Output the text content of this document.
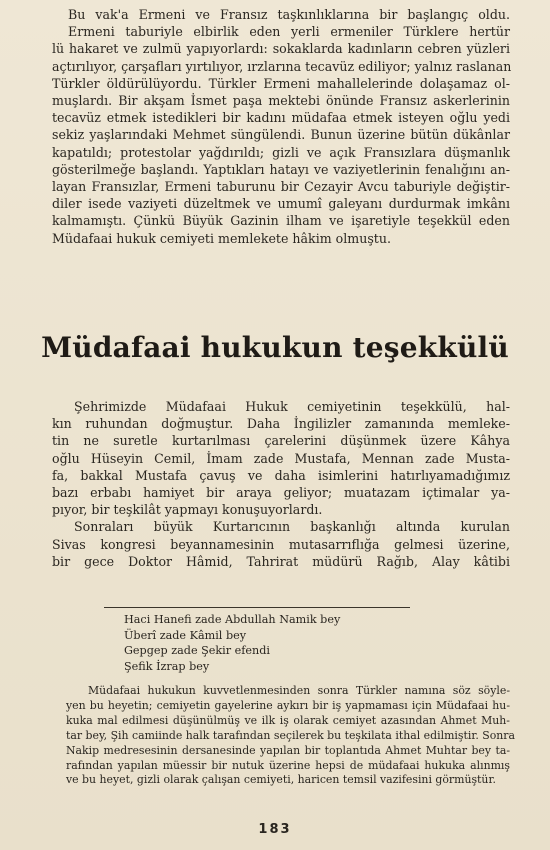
Bu vak'a Ermeni ve Fransız taşkınlıklarına bir başlangıç oldu.
Ermeni taburiyle elbirlik eden yerli ermeniler Türklere hertür
lü hakaret ve zulmü yapıyorlardı: sokaklarda kadınların cebren yüzleri
açtırılıyor, çarşafları yırtılıyor, ırzlarına tecavüz ediliyor; yalnız raslanan
Türkler öldürülüyordu. Türkler Ermeni mahallelerinde dolaşamaz ol-
muşlardı. Bir akşam İsmet paşa mektebi önünde Fransız askerlerinin
tecavüz etmek istedikleri bir kadını müdafaa etmek isteyen oğlu yedi
sekiz yaşlarındaki Mehmet süngülendi. Bunun üzerine bütün dükânlar
kapatıldı; protestolar yağdırıldı; gizli ve açık Fransızlara düşmanlık
gösterilmeğe başlandı. Yaptıkları hatayı ve vaziyetlerinin fenalığını an-
layan Fransızlar, Ermeni taburunu bir Cezayir Avcu taburiyle değiştir-
diler isede vaziyeti düzeltmek ve umumî galeyanı durdurmak imkânı
kalmamıştı. Çünkü Büyük Gazinin ilham ve işaretiyle teşekkül eden
Müdafaai hukuk cemiyeti memlekete hâkim olmuştu.
Müdafaai hukukun teşekkülü
Şehrimizde Müdafaai Hukuk cemiyetinin teşekkülü, hal-
kın ruhundan doğmuştur. Daha İngilizler zamanında memleke-
tin ne suretle kurtarılması çarelerini düşünmek üzere Kâhya
oğlu Hüseyin Cemil, İmam zade Mustafa, Mennan zade Musta-
fa, bakkal Mustafa çavuş ve daha isimlerini hatırlıyamadığımız
bazı erbabı hamiyet bir araya geliyor; muatazam içtimalar ya-
pıyor, bir teşkilât yapmayı konuşuyorlardı.
Sonraları büyük Kurtarıcının başkanlığı altında kurulan
Sivas kongresi beyannamesinin mutasarrıflığa gelmesi üzerine,
bir gece Doktor Hâmid, Tahrirat müdürü Rağıb, Alay kâtibi
Haci Hanefi zade Abdullah Namik bey
Überî zade Kâmil bey
Gepgep zade Şekir efendi
Şefik İzrap bey
Müdafaai hukukun kuvvetlenmesinden sonra Türkler namına söz söyle-
yen bu heyetin; cemiyetin gayelerine aykırı bir iş yapmaması için Müdafaai hu-
kuka mal edilmesi düşünülmüş ve ilk iş olarak cemiyet azasından Ahmet Muh-
tar bey, Şih camiinde halk tarafından seçilerek bu teşkilata ithal edilmiştir. Sonra
Nakip medresesinin dersanesinde yapılan bir toplantıda Ahmet Muhtar bey ta-
rafından yapılan müessir bir nutuk üzerine hepsi de müdafaai hukuka alınmış
ve bu heyet, gizli olarak çalışan cemiyeti, haricen temsil vazifesini görmüştür.
183
